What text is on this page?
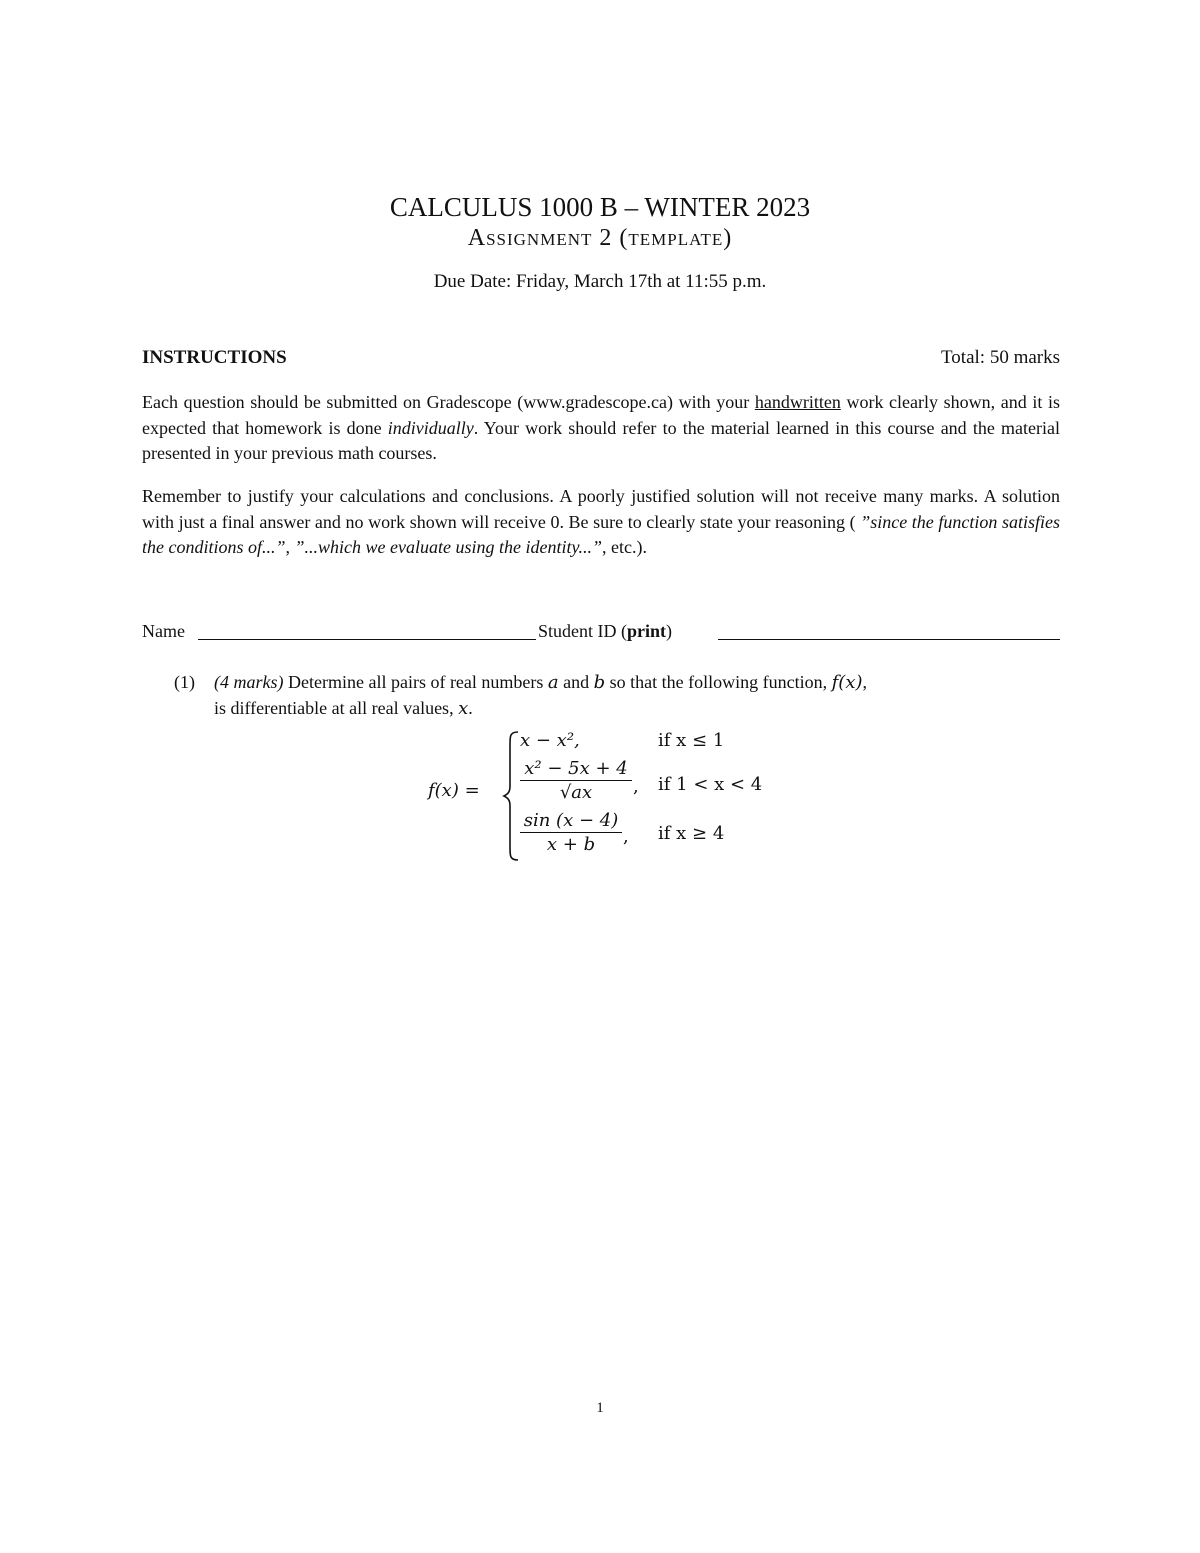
CALCULUS 1000 B – WINTER 2023
Assignment 2 (template)
Due Date: Friday, March 17th at 11:55 p.m.
INSTRUCTIONS	Total: 50 marks
Each question should be submitted on Gradescope (www.gradescope.ca) with your handwritten work clearly shown, and it is expected that homework is done individually. Your work should refer to the material learned in this course and the material presented in your previous math courses.
Remember to justify your calculations and conclusions. A poorly justified solution will not receive many marks. A solution with just a final answer and no work shown will receive 0. Be sure to clearly state your reasoning ( ”since the function satisfies the conditions of...”, ”...which we evaluate using the identity...”, etc.).
Name	Student ID (print)
(1) (4 marks) Determine all pairs of real numbers a and b so that the following function, f(x),
is differentiable at all real values, x.
f(x) =
x − x²,	if x ≤ 1
x² − 5x + 4
√ax	, if 1 < x < 4
sin (x − 4)
x + b	, if x ≥ 4
1
